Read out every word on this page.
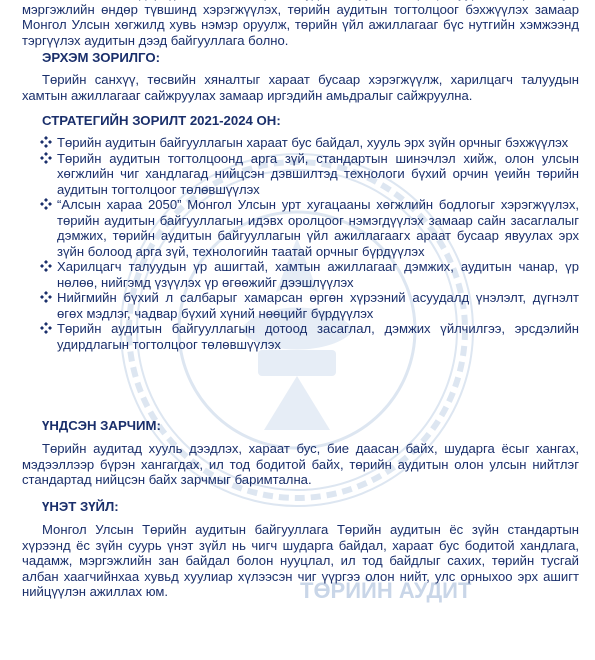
ТӨРИЙН АУДИТ

мэргэжлийн өндөр түвшинд хэрэгжүүлэх, төрийн аудитын тогтолцоог бэхжүүлэх замаар Монгол Улсын хөгжилд хувь нэмэр оруулж, төрийн үйл ажиллагааг бүс нутгийн хэмжээнд тэргүүлэх аудитын дээд байгууллага болно.

ЭРХЭМ ЗОРИЛГО:

Төрийн санхүү, төсвийн хяналтыг хараат бусаар хэрэгжүүлж, харилцагч талуудын хамтын ажиллагааг сайжруулах замаар иргэдийн амьдралыг сайжруулна.

СТРАТЕГИЙН ЗОРИЛТ 2021-2024 ОН:

Төрийн аудитын байгууллагын хараат бус байдал, хууль эрх зүйн орчныг бэхжүүлэх

Төрийн аудитын тогтолцоонд арга зүй, стандартын шинэчлэл хийж, олон улсын хөгжлийн чиг хандлагад нийцсэн дэвшилтэд технологи бүхий орчин үеийн төрийн аудитын тогтолцоог төлөвшүүлэх

“Алсын хараа 2050” Монгол Улсын урт хугацааны хөгжлийн бодлогыг хэрэгжүүлэх, төрийн аудитын байгууллагын идэвх оролцоог нэмэгдүүлэх замаар сайн засаглалыг дэмжих, төрийн аудитын байгууллагын үйл ажиллагаагх араат бусаар явуулах эрх зүйн болоод арга зүй, технологийн таатай орчныг бүрдүүлэх

Харилцагч талуудын үр ашигтай, хамтын ажиллагааг дэмжих, аудитын чанар, үр нөлөө, нийгэмд үзүүлэх үр өгөөжийг дээшлүүлэх

Нийгмийн бүхий л салбарыг хамарсан өргөн хүрээний асуудалд үнэлэлт, дүгнэлт өгөх мэдлэг, чадвар бүхий хүний нөөцийг бүрдүүлэх

Төрийн аудитын байгууллагын дотоод засаглал, дэмжих үйлчилгээ, эрсдэлийн удирдлагын тогтолцоог төлөвшүүлэх

ҮНДСЭН ЗАРЧИМ:

Төрийн аудитад хууль дээдлэх, хараат бус, бие даасан байх, шударга ёсыг хангах, мэдээллээр бүрэн хангагдах, ил тод бодитой байх, төрийн аудитын олон улсын нийтлэг стандартад нийцсэн байх зарчмыг баримтална.

ҮНЭТ ЗҮЙЛ:

Монгол Улсын Төрийн аудитын байгууллага Төрийн аудитын ёс зүйн стандартын хүрээнд ёс зүйн суурь үнэт зүйл нь чигч шударга байдал, хараат бус бодитой хандлага, чадамж, мэргэжлийн зан байдал болон нууцлал, ил тод байдлыг сахих, төрийн тусгай албан хаагчийнхаа хувьд хуулиар хүлээсэн чиг үүргээ олон нийт, улс орныхоо эрх ашигт нийцүүлэн ажиллах юм.
